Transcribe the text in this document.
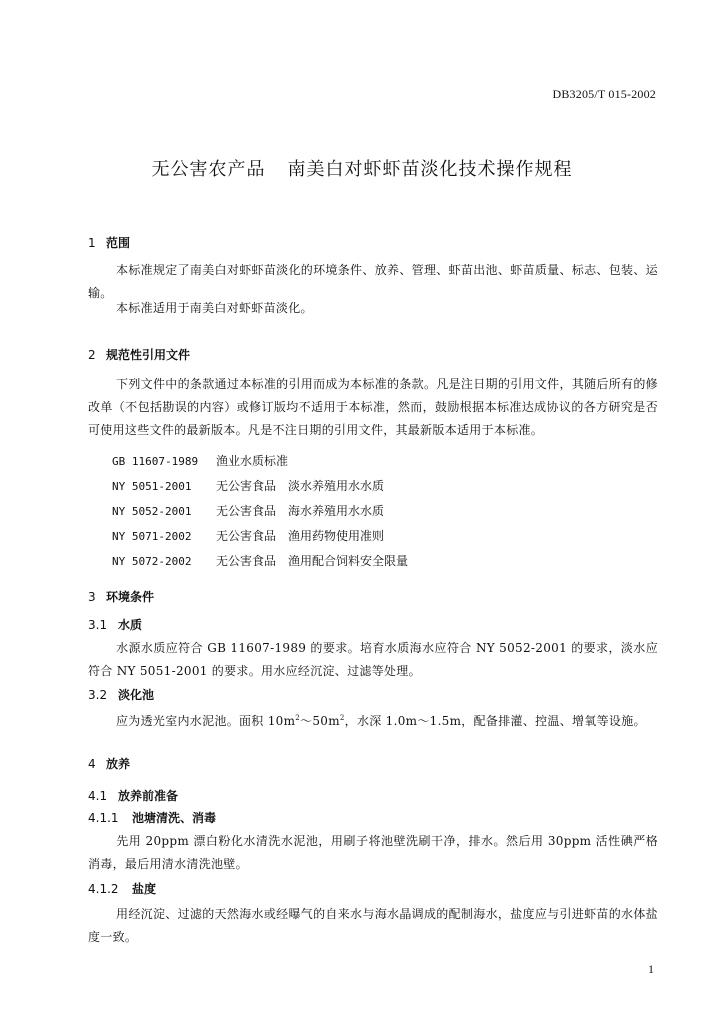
DB3205/T 015-2002
无公害农产品 南美白对虾虾苗淡化技术操作规程
1 范围
本标准规定了南美白对虾虾苗淡化的环境条件、放养、管理、虾苗出池、虾苗质量、标志、包装、运输。
本标准适用于南美白对虾虾苗淡化。
2 规范性引用文件
下列文件中的条款通过本标准的引用而成为本标准的条款。凡是注日期的引用文件，其随后所有的修改单（不包括勘误的内容）或修订版均不适用于本标准，然而，鼓励根据本标准达成协议的各方研究是否可使用这些文件的最新版本。凡是不注日期的引用文件，其最新版本适用于本标准。
GB 11607-1989 渔业水质标准
NY 5051-2001 无公害食品　淡水养殖用水水质
NY 5052-2001 无公害食品　海水养殖用水水质
NY 5071-2002 无公害食品　渔用药物使用准则
NY 5072-2002 无公害食品　渔用配合饲料安全限量
3 环境条件
3.1 水质
水源水质应符合 GB 11607-1989 的要求。培育水质海水应符合 NY 5052-2001 的要求，淡水应符合 NY 5051-2001 的要求。用水应经沉淀、过滤等处理。
3.2 淡化池
应为透光室内水泥池。面积 $10m^2\sim 50m^2$，水深 1.0m～1.5m，配备排灌、控温、增氧等设施。
4 放养
4.1 放养前准备
4.1.1 池塘清洗、消毒
先用 20ppm 漂白粉化水清洗水泥池，用刷子将池壁洗刷干净，排水。然后用 30ppm 活性碘严格消毒，最后用清水清洗池壁。
4.1.2 盐度
用经沉淀、过滤的天然海水或经曝气的自来水与海水晶调成的配制海水，盐度应与引进虾苗的水体盐度一致。
1
